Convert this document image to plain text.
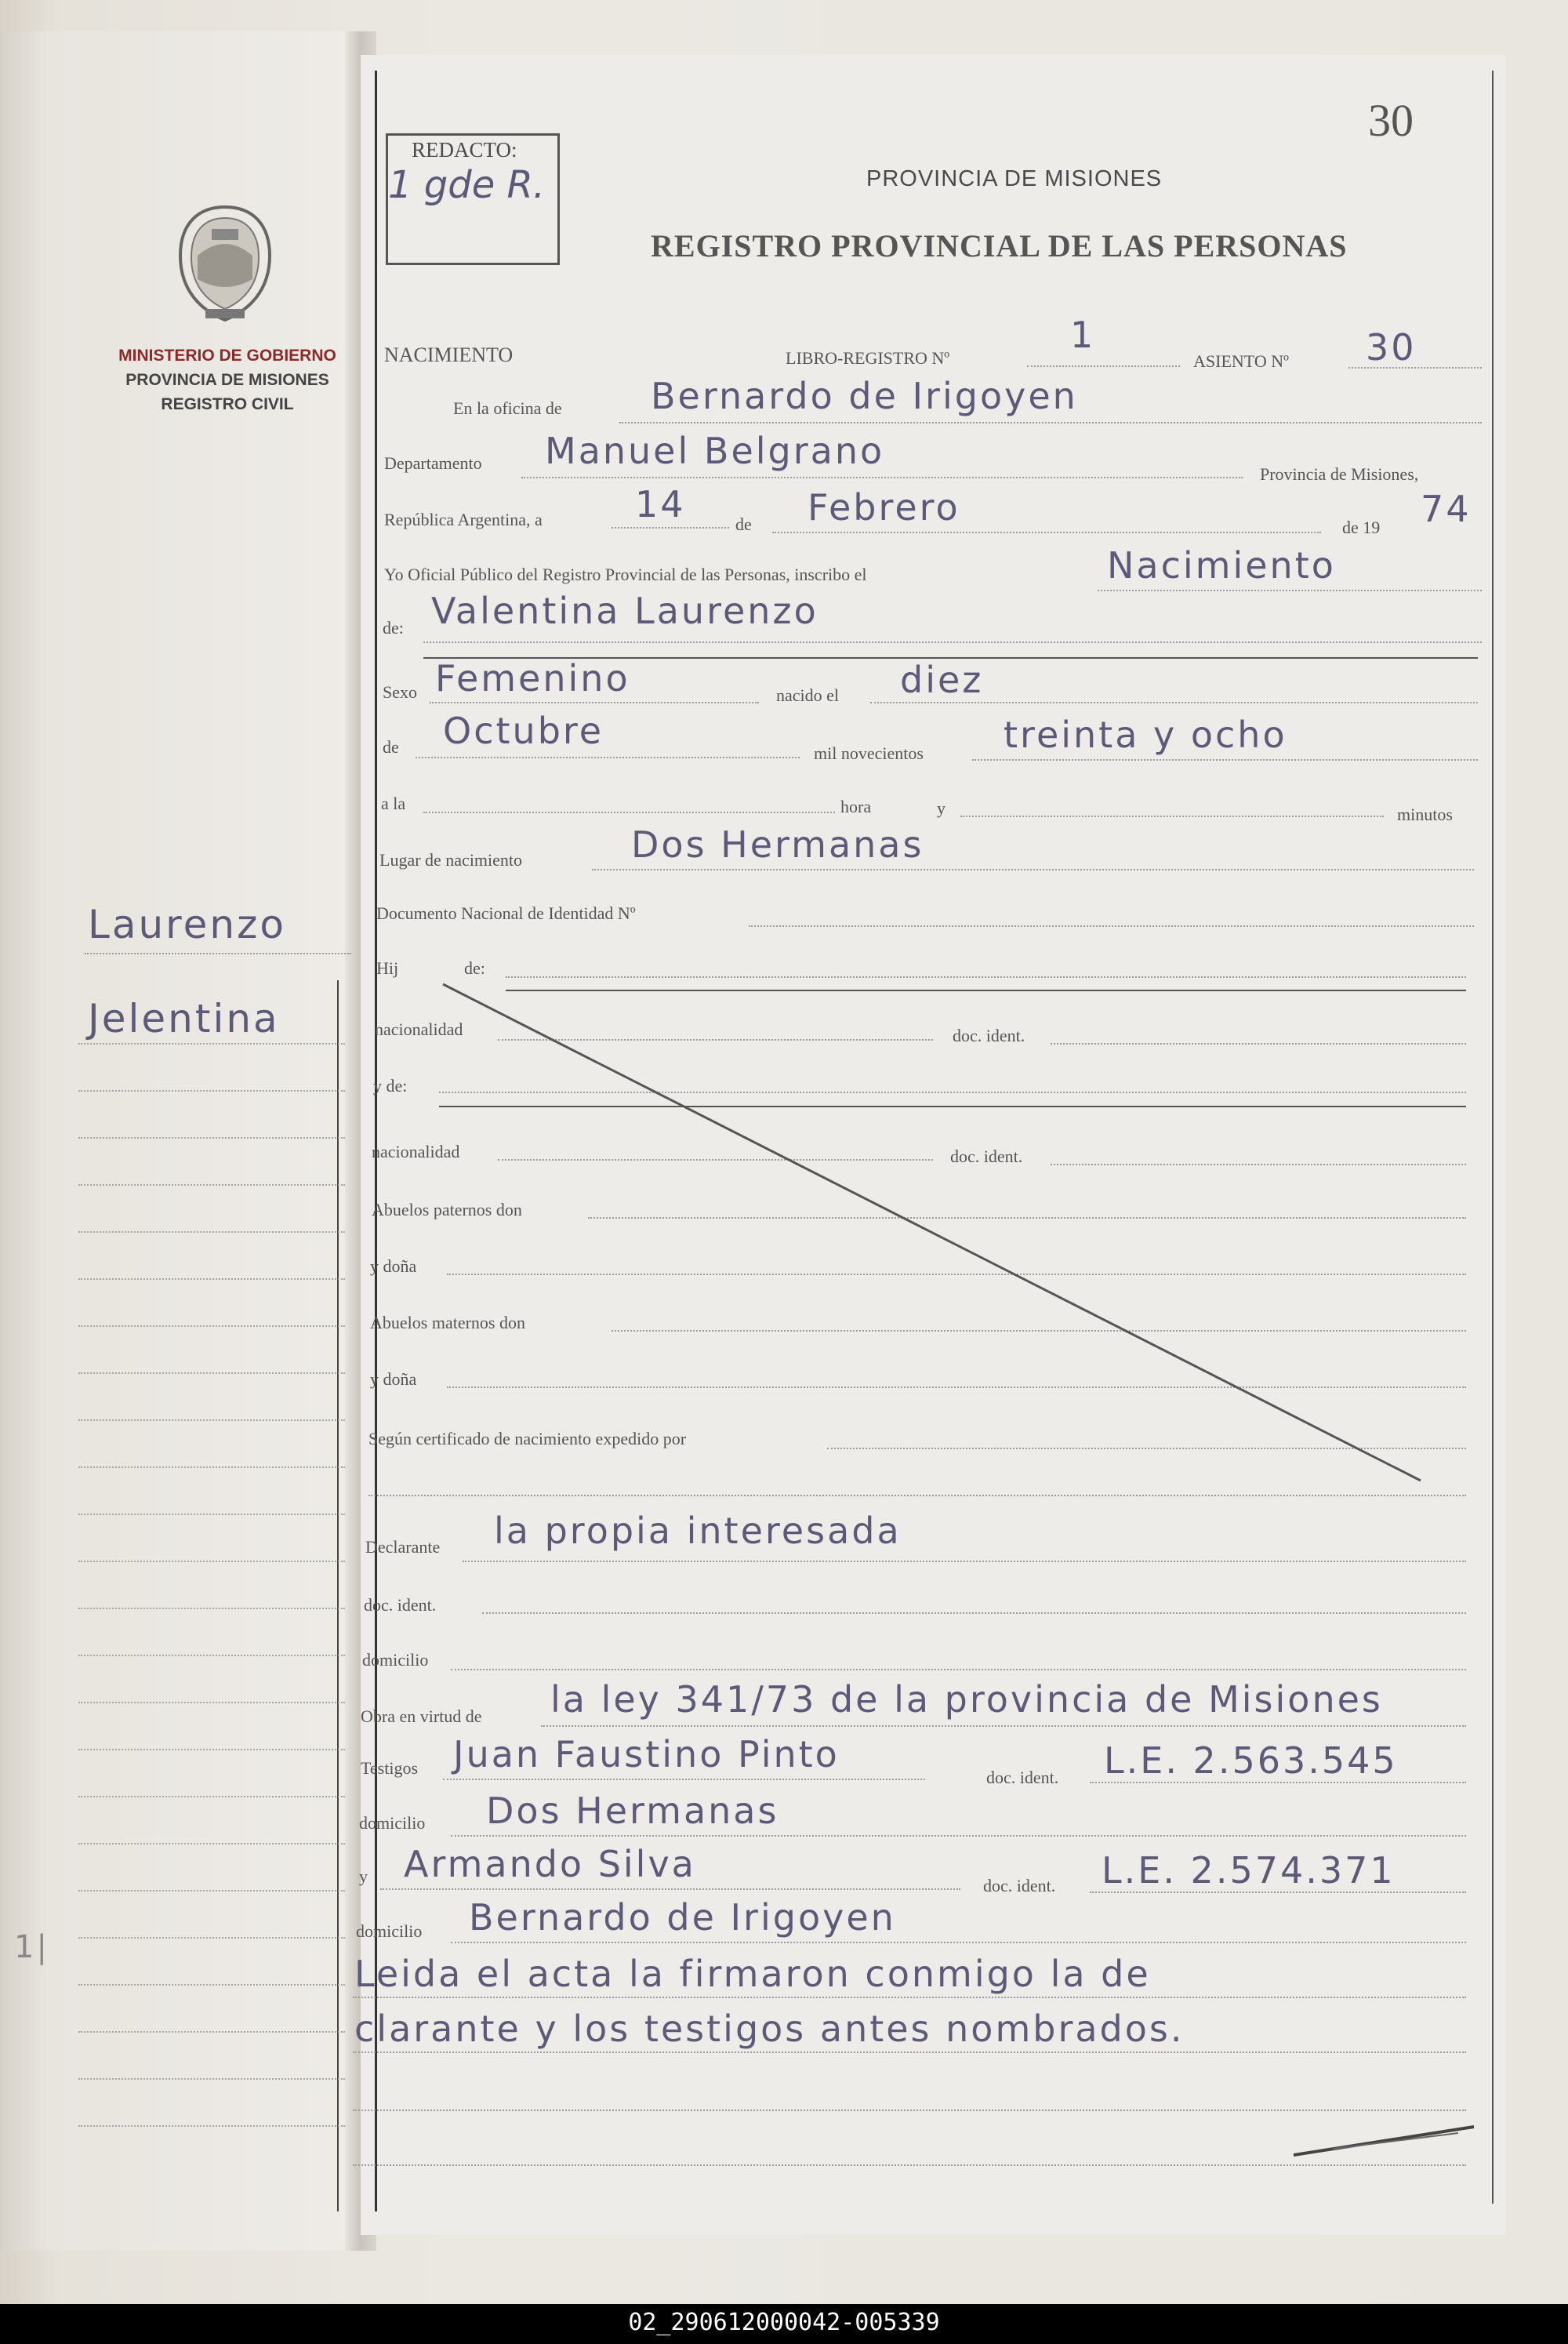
30
REDACTO:
1 gde R.	PROVINCIA DE MISIONES
REGISTRO PROVINCIAL DE LAS PERSONAS
MINISTERIO DE GOBIERNO
PROVINCIA DE MISIONES
REGISTRO CIVIL
Laurenzo
Jelentina
1|
NACIMIENTO	LIBRO-REGISTRO Nº
1
ASIENTO Nº 30
En la oficina de Bernardo de Irigoyen
Departamento Manuel Belgrano
Provincia de Misiones,
República Argentina, a	14	de Febrero	de 19 74
Yo Oficial Público del Registro Provincial de las Personas, inscribo el	Nacimiento
de: Valentina Laurenzo
Sexo Femenino	nacido el diez
de Octubre
mil novecientos treinta y ocho
a la	hora	y	minutos
Lugar de nacimiento	Dos Hermanas
Documento Nacional de Identidad Nº
Hij	de:
nacionalidad	doc. ident.
y de:
nacionalidad	doc. ident.
Abuelos paternos don
y doña
Abuelos maternos don
y doña
Según certificado de nacimiento expedido por
Declarante la propia interesada
doc. ident.
domicilio
Obra en virtud de la ley 341/73 de la provincia de Misiones
Testigos Juan Faustino Pinto
doc. ident. L.E. 2.563.545
domicilio Dos Hermanas
y Armando Silva
doc. ident. L.E. 2.574.371
domicilio Bernardo de Irigoyen
Leida el acta la firmaron conmigo la de
clarante y los testigos antes nombrados.
02_290612000042-005339
